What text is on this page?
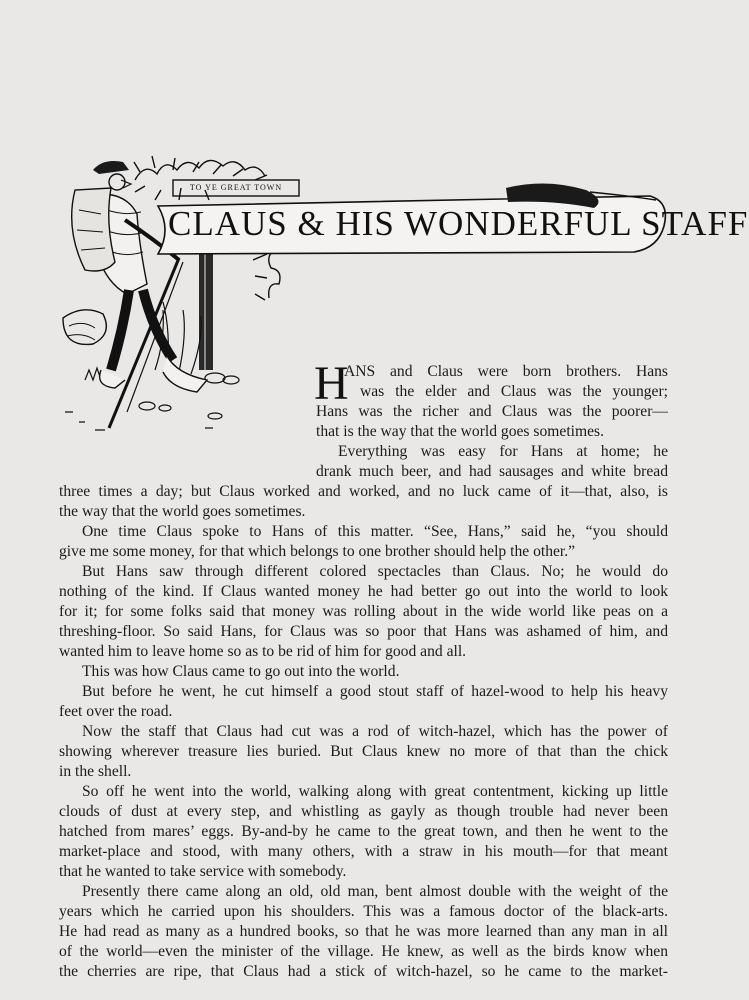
TO YE GREAT TOWN
CLAUS & HIS WONDERFUL STAFF
H
ANS and Claus were born brothers. Hans
was the elder and Claus was the younger;
Hans was the richer and Claus was the poorer—
that is the way that the world goes sometimes.
Everything was easy for Hans at home; he
drank much beer, and had sausages and white bread
three times a day; but Claus worked and worked, and no luck came of it—that, also, is
the way that the world goes sometimes.
One time Claus spoke to Hans of this matter. “See, Hans,” said he, “you should
give me some money, for that which belongs to one brother should help the other.”
But Hans saw through different colored spectacles than Claus. No; he would do
nothing of the kind. If Claus wanted money he had better go out into the world to look
for it; for some folks said that money was rolling about in the wide world like peas on a
threshing-floor. So said Hans, for Claus was so poor that Hans was ashamed of him, and
wanted him to leave home so as to be rid of him for good and all.
This was how Claus came to go out into the world.
But before he went, he cut himself a good stout staff of hazel-wood to help his heavy
feet over the road.
Now the staff that Claus had cut was a rod of witch-hazel, which has the power of
showing wherever treasure lies buried. But Claus knew no more of that than the chick
in the shell.
So off he went into the world, walking along with great contentment, kicking up little
clouds of dust at every step, and whistling as gayly as though trouble had never been
hatched from mares’ eggs. By-and-by he came to the great town, and then he went to the
market-place and stood, with many others, with a straw in his mouth—for that meant
that he wanted to take service with somebody.
Presently there came along an old, old man, bent almost double with the weight of the
years which he carried upon his shoulders. This was a famous doctor of the black-arts.
He had read as many as a hundred books, so that he was more learned than any man in all
of the world—even the minister of the village. He knew, as well as the birds know when
the cherries are ripe, that Claus had a stick of witch-hazel, so he came to the market-
